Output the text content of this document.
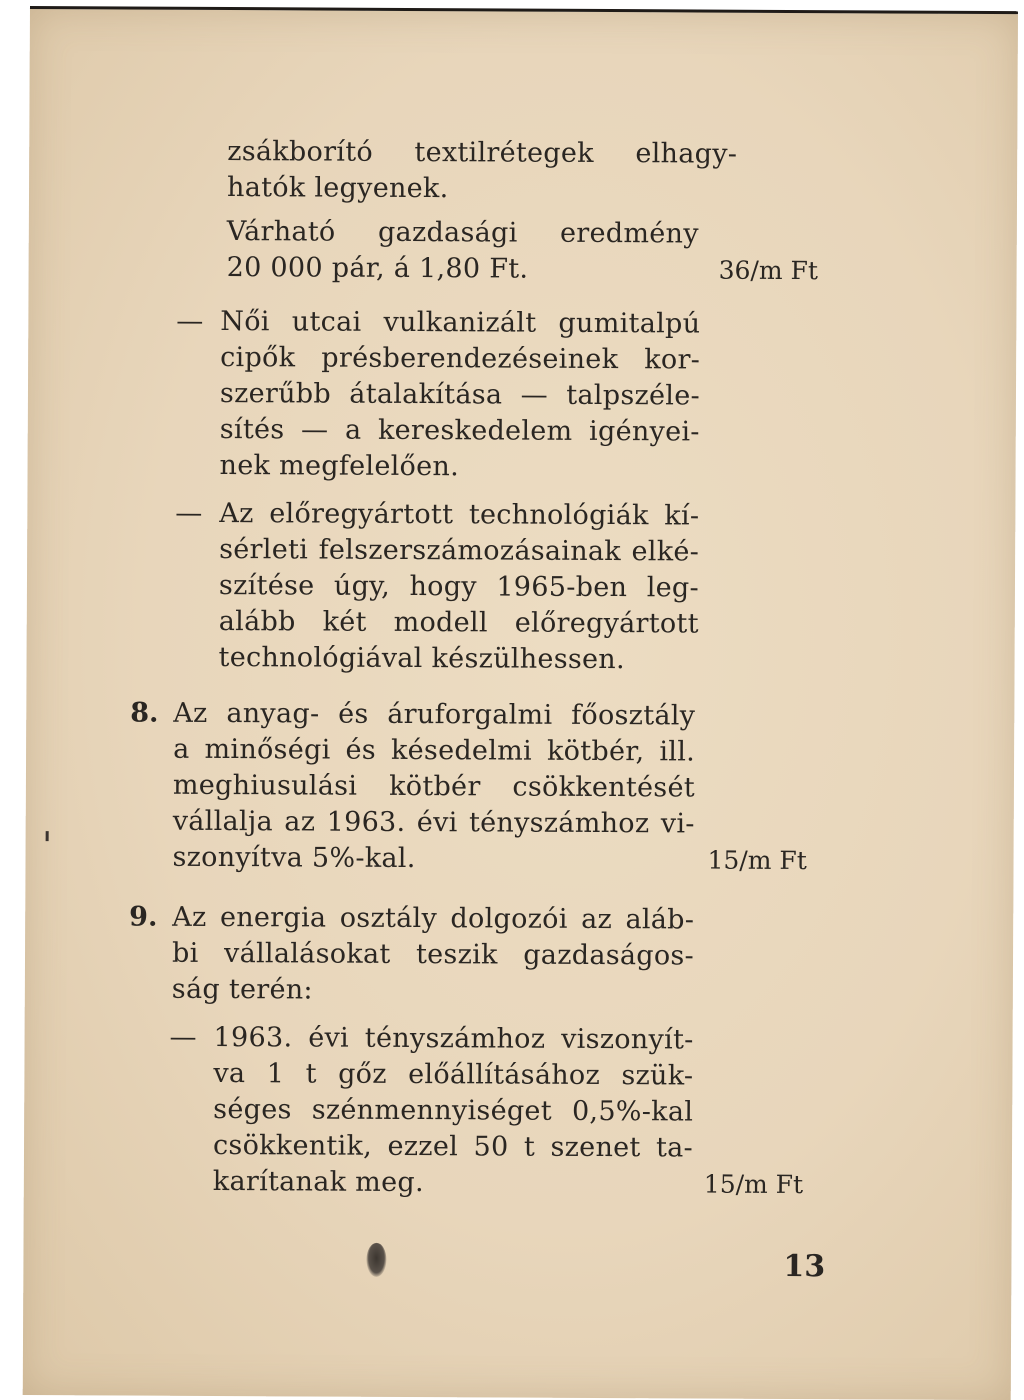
zsákborító textilrétegek elhagy-
hatók legyenek.
Várható gazdasági eredmény
20 000 pár, á 1,80 Ft.	36/m Ft
— Női utcai vulkanizált gumitalpú
cipők présberendezéseinek kor-
szerűbb átalakítása — talpszéle-
sítés — a kereskedelem igényei-
nek megfelelően.
— Az előregyártott technológiák kí-
sérleti felszerszámozásainak elké-
szítése úgy, hogy 1965-ben leg-
alább két modell előregyártott
technológiával készülhessen.
8. Az anyag- és áruforgalmi főosztály
a minőségi és késedelmi kötbér, ill.
meghiusulási kötbér csökkentését
vállalja az 1963. évi tényszámhoz vi-
szonyítva 5%-kal.	15/m Ft
9. Az energia osztály dolgozói az aláb-
bi vállalásokat teszik gazdaságos-
ság terén:
— 1963. évi tényszámhoz viszonyít-
va 1 t gőz előállításához szük-
séges szénmennyiséget 0,5%-kal
csökkentik, ezzel 50 t szenet ta-
karítanak meg.	15/m Ft
13
